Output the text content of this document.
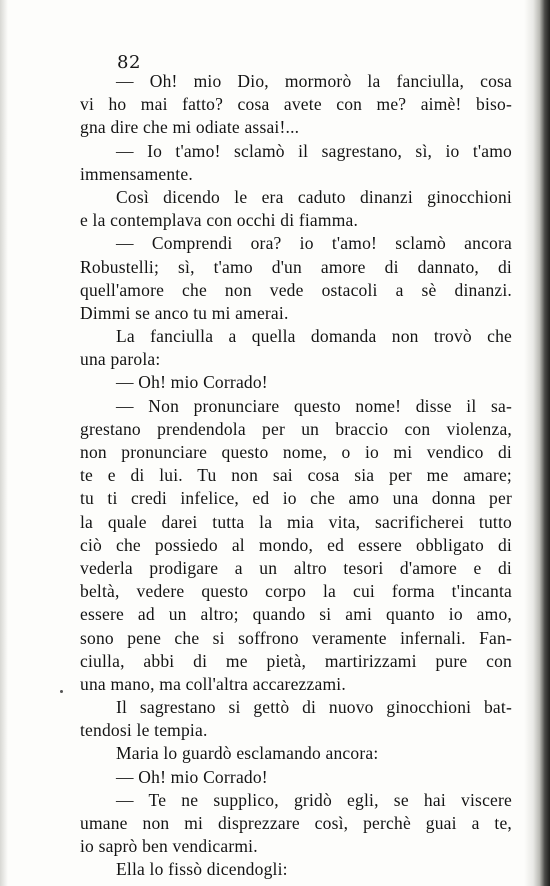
82
— Oh! mio Dio, mormorò la fanciulla, cosa
vi ho mai fatto? cosa avete con me? aimè! biso-
gna dire che mi odiate assai!...
— Io t'amo! sclamò il sagrestano, sì, io t'amo
immensamente.
Così dicendo le era caduto dinanzi ginocchioni
e la contemplava con occhi di fiamma.
— Comprendi ora? io t'amo! sclamò ancora
Robustelli; sì, t'amo d'un amore di dannato, di
quell'amore che non vede ostacoli a sè dinanzi.
Dimmi se anco tu mi amerai.
La fanciulla a quella domanda non trovò che
una parola:
— Oh! mio Corrado!
— Non pronunciare questo nome! disse il sa-
grestano prendendola per un braccio con violenza,
non pronunciare questo nome, o io mi vendico di
te e di lui. Tu non sai cosa sia per me amare;
tu ti credi infelice, ed io che amo una donna per
la quale darei tutta la mia vita, sacrificherei tutto
ciò che possiedo al mondo, ed essere obbligato di
vederla prodigare a un altro tesori d'amore e di
beltà, vedere questo corpo la cui forma t'incanta
essere ad un altro; quando si ami quanto io amo,
sono pene che si soffrono veramente infernali. Fan-
ciulla, abbi di me pietà, martirizzami pure con
una mano, ma coll'altra accarezzami.
Il sagrestano si gettò di nuovo ginocchioni bat-
tendosi le tempia.
Maria lo guardò esclamando ancora:
— Oh! mio Corrado!
— Te ne supplico, gridò egli, se hai viscere
umane non mi disprezzare così, perchè guai a te,
io saprò ben vendicarmi.
Ella lo fissò dicendogli:
